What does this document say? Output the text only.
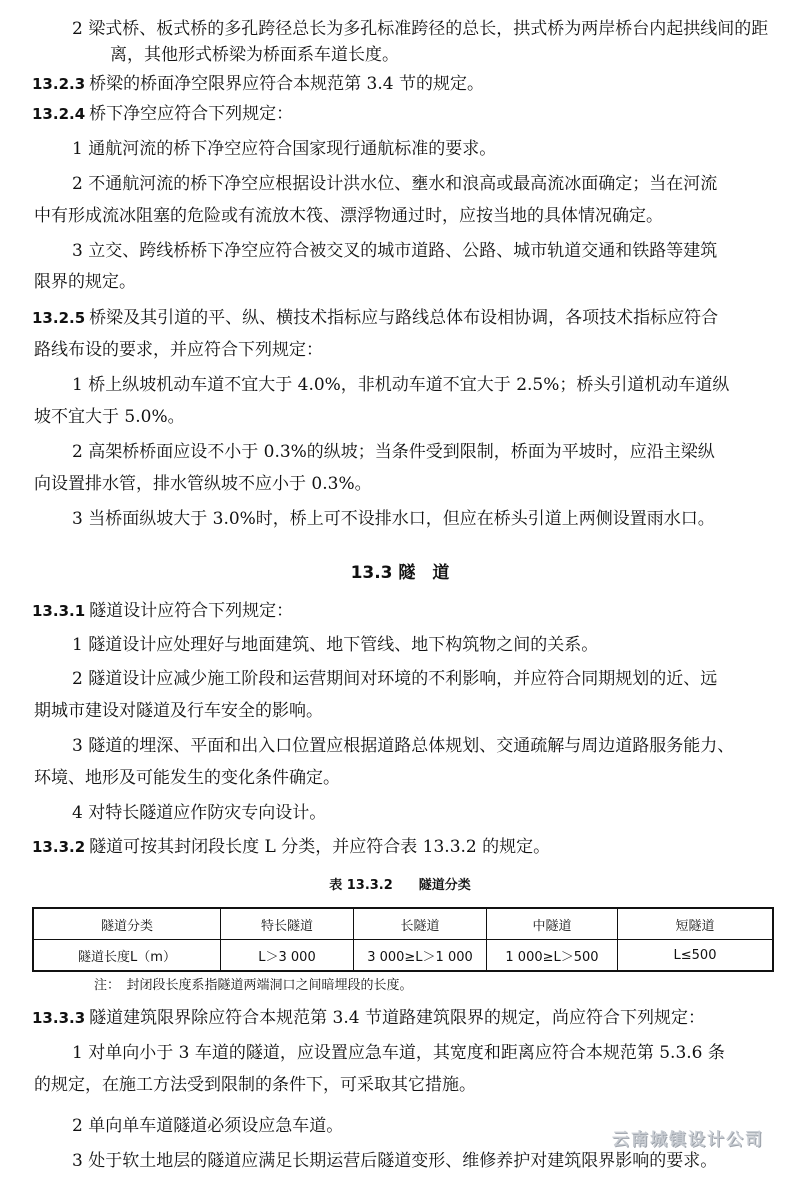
2 梁式桥、板式桥的多孔跨径总长为多孔标准跨径的总长，拱式桥为两岸桥台内起拱线间的距
离，其他形式桥梁为桥面系车道长度。
13.2.3 桥梁的桥面净空限界应符合本规范第 3.4 节的规定。
13.2.4 桥下净空应符合下列规定：
1 通航河流的桥下净空应符合国家现行通航标准的要求。
2 不通航河流的桥下净空应根据设计洪水位、壅水和浪高或最高流冰面确定；当在河流
中有形成流冰阻塞的危险或有流放木筏、漂浮物通过时，应按当地的具体情况确定。
3 立交、跨线桥桥下净空应符合被交叉的城市道路、公路、城市轨道交通和铁路等建筑
限界的规定。
13.2.5 桥梁及其引道的平、纵、横技术指标应与路线总体布设相协调，各项技术指标应符合
路线布设的要求，并应符合下列规定：
1 桥上纵坡机动车道不宜大于 4.0%，非机动车道不宜大于 2.5%；桥头引道机动车道纵
坡不宜大于 5.0%。
2 高架桥桥面应设不小于 0.3%的纵坡；当条件受到限制，桥面为平坡时，应沿主梁纵
向设置排水管，排水管纵坡不应小于 0.3%。
3 当桥面纵坡大于 3.0%时，桥上可不设排水口，但应在桥头引道上两侧设置雨水口。
13.3 隧　道
13.3.1 隧道设计应符合下列规定：
1 隧道设计应处理好与地面建筑、地下管线、地下构筑物之间的关系。
2 隧道设计应减少施工阶段和运营期间对环境的不利影响，并应符合同期规划的近、远
期城市建设对隧道及行车安全的影响。
3 隧道的埋深、平面和出入口位置应根据道路总体规划、交通疏解与周边道路服务能力、
环境、地形及可能发生的变化条件确定。
4 对特长隧道应作防灾专向设计。
13.3.2 隧道可按其封闭段长度 L 分类，并应符合表 13.3.2 的规定。
表 13.3.2　　隧道分类
隧道分类	特长隧道	长隧道	中隧道	短隧道
隧道长度L（m）	L＞3 000	3 000≥L＞1 000	1 000≥L＞500	L≤500
注：　封闭段长度系指隧道两端洞口之间暗埋段的长度。
13.3.3 隧道建筑限界除应符合本规范第 3.4 节道路建筑限界的规定，尚应符合下列规定：
1 对单向小于 3 车道的隧道，应设置应急车道，其宽度和距离应符合本规范第 5.3.6 条
的规定，在施工方法受到限制的条件下，可采取其它措施。
2 单向单车道隧道必须设应急车道。
3 处于软土地层的隧道应满足长期运营后隧道变形、维修养护对建筑限界影响的要求。
云南城镇设计公司
